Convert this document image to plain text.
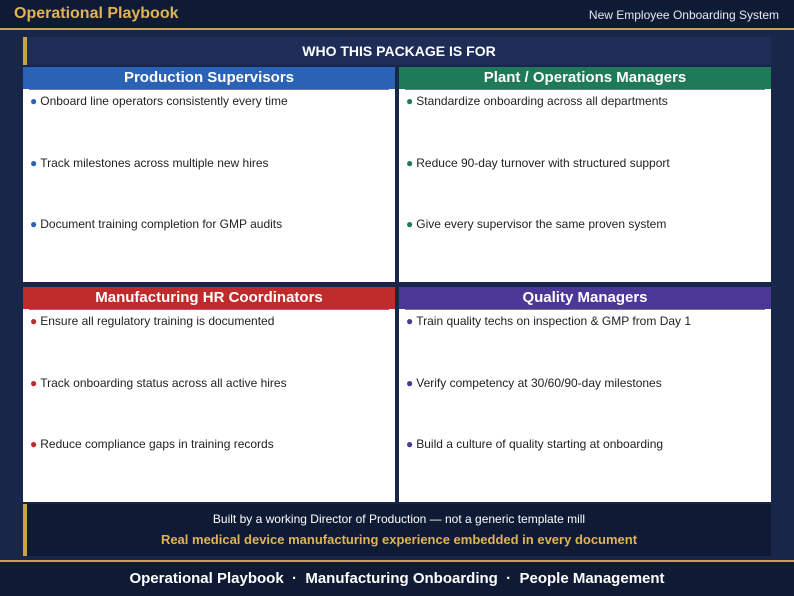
Operational Playbook	New Employee Onboarding System
WHO THIS PACKAGE IS FOR
Production Supervisors
● Onboard line operators consistently every time
● Track milestones across multiple new hires
● Document training completion for GMP audits
Plant / Operations Managers
● Standardize onboarding across all departments
● Reduce 90-day turnover with structured support
● Give every supervisor the same proven system
Manufacturing HR Coordinators
● Ensure all regulatory training is documented
● Track onboarding status across all active hires
● Reduce compliance gaps in training records
Quality Managers
● Train quality techs on inspection & GMP from Day 1
● Verify competency at 30/60/90-day milestones
● Build a culture of quality starting at onboarding
Built by a working Director of Production — not a generic template mill
Real medical device manufacturing experience embedded in every document
Operational Playbook  ·  Manufacturing Onboarding  ·  People Management
